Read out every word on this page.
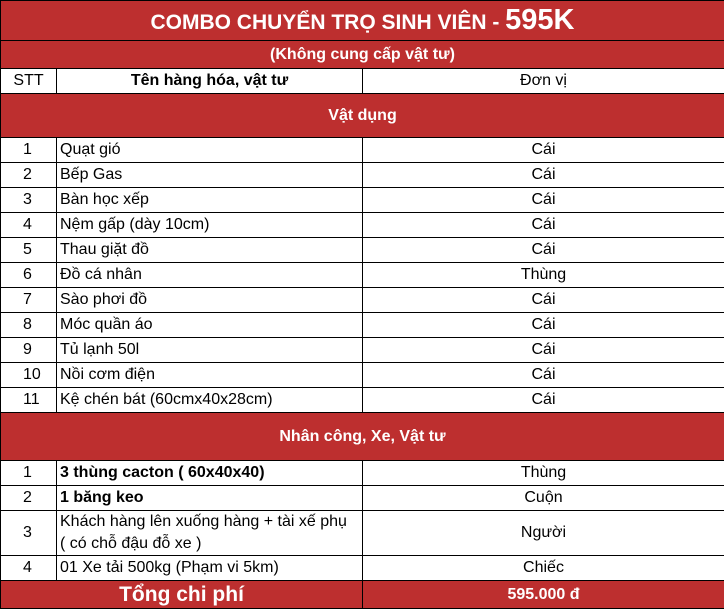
COMBO CHUYỂN TRỌ SINH VIÊN - 595K		
(Không cung cấp vật tư)		
STT	Tên hàng hóa, vật tư	Đơn vị
Vật dụng		
1	Quạt gió	Cái
2	Bếp Gas	Cái
3	Bàn học xếp	Cái
4	Nệm gấp (dày 10cm)	Cái
5	Thau giặt đồ	Cái
6	Đồ cá nhân	Thùng
7	Sào phơi đồ	Cái
8	Móc quần áo	Cái
9	Tủ lạnh 50l	Cái
10	Nồi cơm điện	Cái
11	Kệ chén bát (60cmx40x28cm)	Cái
Nhân công, Xe, Vật tư		
1	3 thùng cacton ( 60x40x40)	Thùng
2	1 băng keo	Cuộn
3	Khách hàng lên xuống hàng + tài xế phụ
( có chỗ đậu đỗ xe )	Người
4	01 Xe tải 500kg (Phạm vi 5km)	Chiếc
Tổng chi phí		595.000 đ
